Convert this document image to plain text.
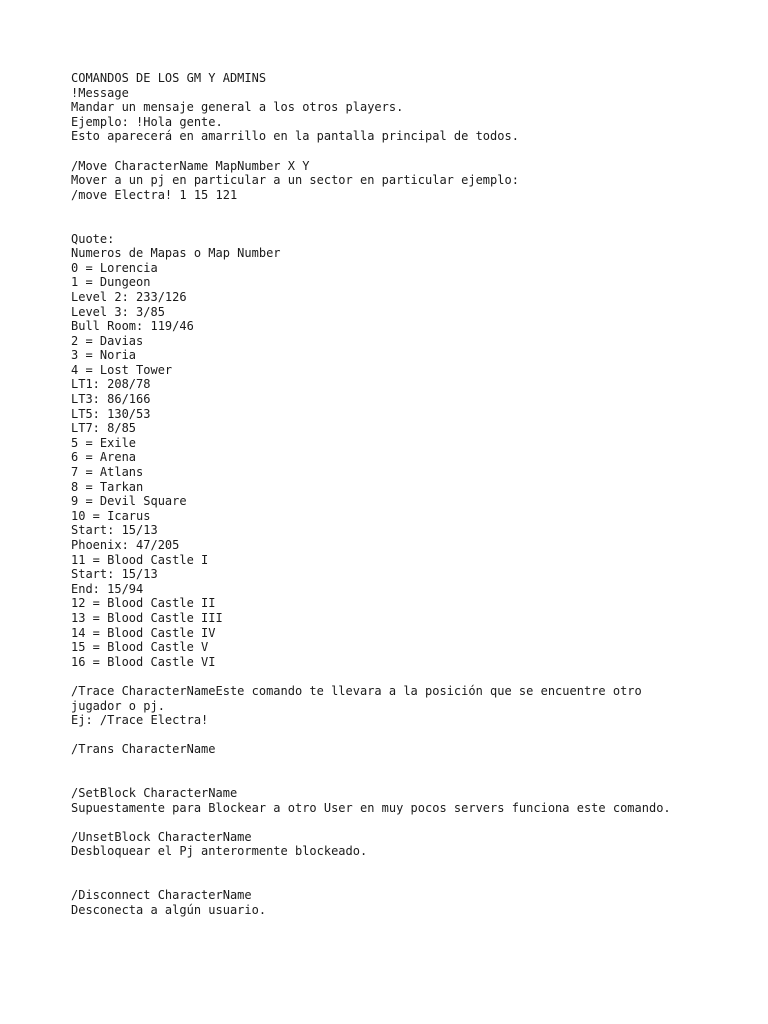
COMANDOS DE LOS GM Y ADMINS
!Message
Mandar un mensaje general a los otros players.
Ejemplo: !Hola gente.
Esto aparecerá en amarrillo en la pantalla principal de todos.
/Move CharacterName MapNumber X Y
Mover a un pj en particular a un sector en particular ejemplo:
/move Electra! 1 15 121
Quote:
Numeros de Mapas o Map Number
0 = Lorencia
1 = Dungeon
Level 2: 233/126
Level 3: 3/85
Bull Room: 119/46
2 = Davias
3 = Noria
4 = Lost Tower
LT1: 208/78
LT3: 86/166
LT5: 130/53
LT7: 8/85
5 = Exile
6 = Arena
7 = Atlans
8 = Tarkan
9 = Devil Square
10 = Icarus
Start: 15/13
Phoenix: 47/205
11 = Blood Castle I
Start: 15/13
End: 15/94
12 = Blood Castle II
13 = Blood Castle III
14 = Blood Castle IV
15 = Blood Castle V
16 = Blood Castle VI
/Trace CharacterNameEste comando te llevara a la posición que se encuentre otro
jugador o pj.
Ej: /Trace Electra!
/Trans CharacterName
/SetBlock CharacterName
Supuestamente para Blockear a otro User en muy pocos servers funciona este comando.
/UnsetBlock CharacterName
Desbloquear el Pj anterormente blockeado.
/Disconnect CharacterName
Desconecta a algún usuario.
